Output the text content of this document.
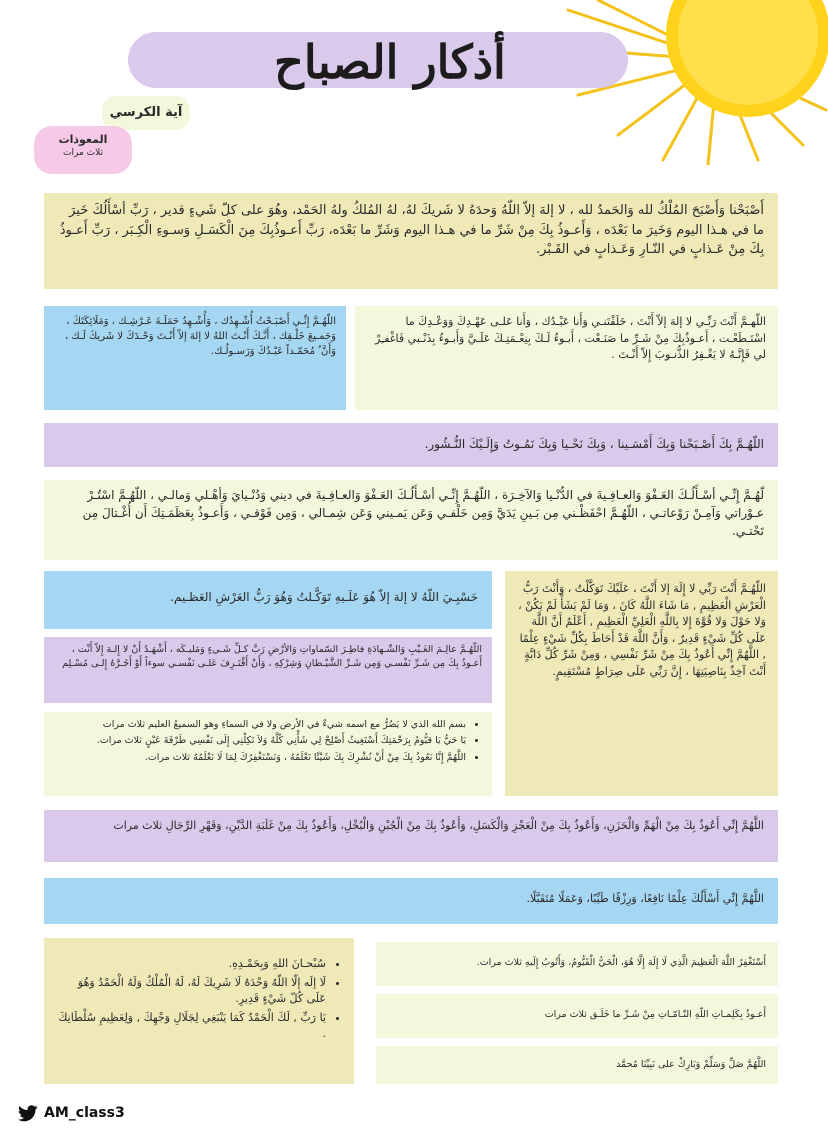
أذكار الصباح
آية الكرسي
المعوذات
ثلاث مرات
أَصْبَحْنا وَأَصْبَحَ المُلْكُ لله وَالحَمدُ لله ، لا إلهَ إلاّ اللّهُ وَحدَهُ لا شَريكَ لهُ، لهُ المُلكُ ولهُ الحَمْد، وهُوَ على كلّ شَيءٍ قدير ، رَبِّ أسْأَلُكَ خَيرَ ما في هـذا اليوم وَخَيرَ ما بَعْدَه ، وَأَعـوذُ بِكَ مِنْ شَرِّ ما في هـذا اليوم وَشَرِّ ما بَعْدَه، رَبِّ أَعـوذُبِكَ مِنَ الْكَسَـلِ وَسـوءِ الْكِـبَر ، رَبِّ أَعـوذُ بِكَ مِنْ عَـذابٍ في النّـارِ وَعَـذابٍ في القَـبْر.
اللّهـمَّ أَنْتَ رَبِّـي لا إلهَ إلاّ أَنْتَ ، خَلَقْتَنـي وَأَنا عَبْـدُك ، وَأَنا عَلـى عَهْـدِكَ وَوَعْـدِكَ ما اسْتَـطَعْـت ، أَعـوذُبِكَ مِنْ شَـرِّ ما صَنَـعْت ، أَبـوءُ لَـكَ بِنِعْـمَتِـكَ عَلَـيَّ وَأَبـوءُ بِذَنْـبي فَاغْفـِرْ لي فَإِنَّـهُ لا يَغْـفِرُ الذُّنـوبَ إِلاّ أَنْـتَ .
اللّهُـمَّ إِنِّـي أَصْبَـحْتُ أُشْـهِدُك ، وَأُشْـهِدُ حَمَلَـةَ عَـرْشِـك ، وَمَلَائِكَتَكَ ، وَجَمـيعَ خَلْـقِك ، أَنَّـكَ أَنْـتَ اللهُ لا إلهَ إلاّ أَنْـتَ وَحْـدَكَ لا شَريكَ لَـك ، وَأَنَّ ُ مُحَمّـداً عَبْـدُكَ وَرَسـولُـك.
اللّهُـمَّ بِكَ أَصْـبَحْنا وَبِكَ أَمْسَـينا ، وَبِكَ نَحْـيا وَبِكَ نَمُـوتُ وَإِلَـيْكَ النُّـشُور.
لّهُـمَّ إِنِّـي أسْـأَلُـكَ العَـفْوَ وَالعـافِـيةَ في الدُّنْـيا وَالآخِـرَة ، اللّهُـمَّ إِنِّـي أسْـأَلُـكَ العَـفْوَ وَالعـافِـيةَ في ديني وَدُنْـيايَ وَأهْـلي وَمالـي ، اللّهُـمَّ اسْتُـرْ عـوْراتي وَآمِـنْ رَوْعاتـي ، اللّهُـمَّ احْفَظْـني مِن بَـينِ يَدَيَّ وَمِن خَلْفـي وَعَن يَمـيني وَعَن شِمـالي ، وَمِن فَوْقـي ، وَأَعـوذُ بِعَظَمَـتِكَ أَن أُغْـتالَ مِن تَحْتـي.
حَسْبِـيَ اللّهُ لا إلهَ إلاّ هُوَ عَلَـيهِ تَوَكَّـلتُ وَهُوَ رَبُّ العَرْشِ العَظـيم.
اللّهُـمَّ عالِـمَ الغَـيْبِ وَالشّـهادَةِ فاطِـرَ السّماواتِ وَالأرْضِ رَبَّ كـلِّ شَـيءٍ وَمَليـكَه ، أَشْهَـدُ أَنْ لا إِلـهَ إِلاّ أَنْت ، أَعـوذُ بِكَ مِن شَـرِّ نَفْسـي وَمِن شَـرِّ الشَّيْـطانِ وَشِرْكِهِ ، وَأَنْ أَقْتَـرِفَ عَلـى نَفْسـي سوءاً أَوْ أَجُـرَّهُ إِلـى مُسْـلِم
• بسم الله الذي لا يَضُرُّ مع اسمه شيءٌ في الأرض ولا في السماءِ وهو السميعُ العليم ثلاث مرات
• يَا حَيُّ يَا قيُّومُ بِرَحْمَتِكَ أَسْتَغِيثُ أَصْلِحْ لِي شَأْنِي كُلَّهُ وَلاَ تَكِلْنِي إِلَى نَفْسِي طَرْفَةَ عَيْنٍ ثلاث مرات.
• اللَّهُمَّ إِنَّا نَعُوذُ بِكَ مِنْ أَنْ نُشْرِكَ بِكَ شَيْئًا نَعْلَمُهُ ، وَنَسْتَغْفِرُكَ لِمَا لَا نَعْلَمُهُ ثلاث مرات.
اللّهُـمَّ أَنْتَ رَبِّي لا إِلَهَ إلا أَنْتَ ، عَلَيْكَ تَوَكَّلْتُ ، وَأَنْتَ رَبُّ الْعَرْشِ الْعَظِيمِ , مَا شَاءَ اللَّهُ كَانَ ، وَمَا لَمْ يَشَأْ لَمْ يَكُنْ ، وَلا حَوْلَ وَلا قُوَّةَ إِلا بِاللَّهِ الْعَلِيِّ الْعَظِيمِ , أَعْلَمُ أَنَّ اللَّهَ عَلَى كُلِّ شَيْءٍ قَدِيرٌ ، وَأَنَّ اللَّهَ قَدْ أَحَاطَ بِكُلِّ شَيْءٍ عِلْمًا , اللَّهُمَّ إِنِّي أَعُوذُ بِكَ مِنْ شَرِّ نَفْسِي ، وَمِنْ شَرِّ كُلِّ دَابَّةٍ أَنْتَ آخِذٌ بِنَاصِيَتِهَا ، إِنَّ رَبِّي عَلَى صِرَاطٍ مُسْتَقِيمٍ.
اللَّهُمَّ إِنِّي أَعُوذُ بِكَ مِنْ الْهَمِّ وَالْحَزَنِ، وَأَعُوذُ بِكَ مِنْ الْعَجْزِ وَالْكَسَلِ، وَأَعُوذُ بِكَ مِنْ الْجُبْنِ وَالْبُخْلِ، وَأَعُوذُ بِكَ مِنْ غَلَبَةِ الدَّيْنِ، وَقَهْرِ الرِّجَالِ ثلاث مرات
اللَّهُمَّ إِنِّي أَسْأَلُكَ عِلْمًا نَافِعًا، وَرِزْقًا طَيِّبًا، وَعَمَلًا مُتَقَبَّلًا.
• سُبْحـانَ اللهِ وَبِحَمْـدِهِ.
• لَا إلَه إلّا اللّهُ وَحْدَهُ لَا شَرِيكَ لَهُ، لَهُ الْمُلْكُ وَلَهُ الْحَمْدُ وَهُوَ عَلَى كُلّ شَيْءٍ قَدِيرِ.
• يَا رَبِّ , لَكَ الْحَمْدُ كَمَا يَنْبَغِي لِجَلَالِ وَجْهِكَ , وَلِعَظِيمِ سُلْطَانِكَ .
أَسْتَغْفِرُ اللَّهَ الْعَظِيمَ الَّذِي لَا إِلَهَ إِلَّا هُوَ، الْحَيُّ الْقَيُّومُ، وَأَتُوبُ إِلَيهِ ثلاث مرات.
أَعـوذُ بِكَلِمـاتِ اللّهِ التّـامّـاتِ مِنْ شَـرِّ ما خَلَـق ثلاث مرات
اللَّهُمَّ صَلِّ وَسَلِّمْ وَبَارِكْ على نَبِيِّنَا مُحمَّد
AM_class3
